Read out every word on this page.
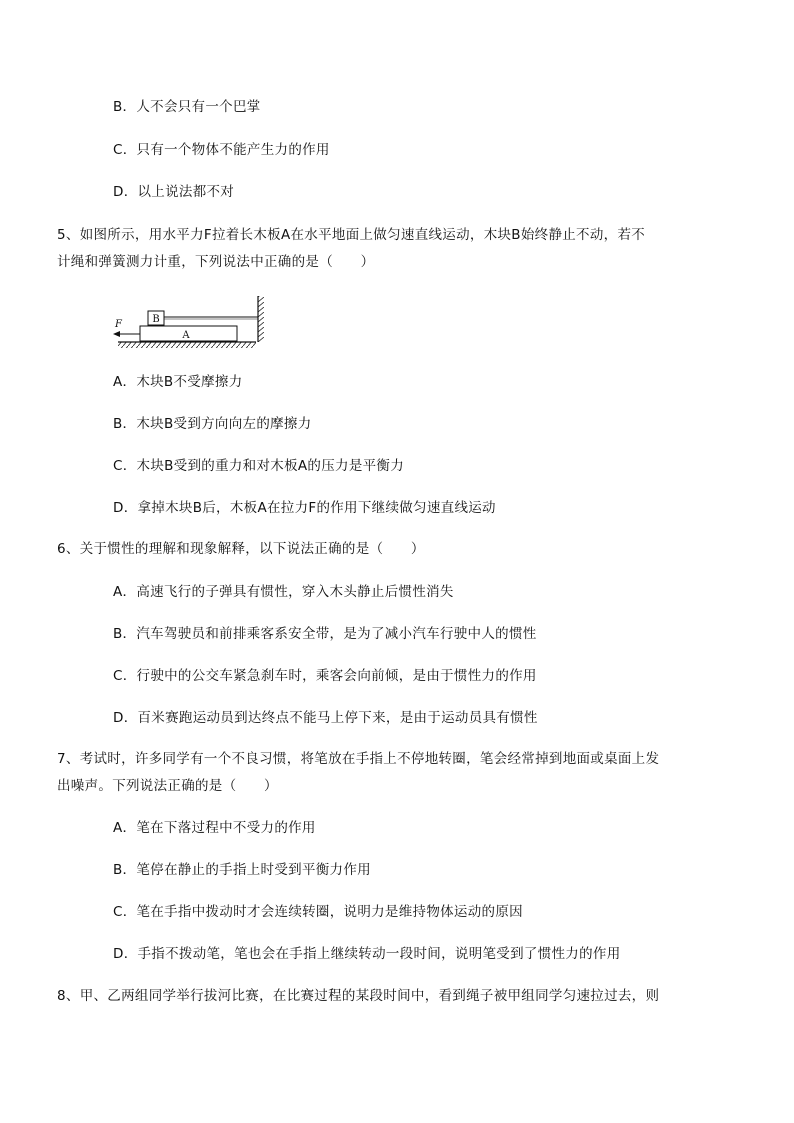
B．人不会只有一个巴掌
C．只有一个物体不能产生力的作用
D．以上说法都不对
5、如图所示，用水平力F拉着长木板A在水平地面上做匀速直线运动，木块B始终静止不动，若不
计绳和弹簧测力计重，下列说法中正确的是（　　）
A
B
F
A．木块B不受摩擦力
B．木块B受到方向向左的摩擦力
C．木块B受到的重力和对木板A的压力是平衡力
D．拿掉木块B后，木板A在拉力F的作用下继续做匀速直线运动
6、关于惯性的理解和现象解释，以下说法正确的是（　　）
A．高速飞行的子弹具有惯性，穿入木头静止后惯性消失
B．汽车驾驶员和前排乘客系安全带，是为了减小汽车行驶中人的惯性
C．行驶中的公交车紧急刹车时，乘客会向前倾，是由于惯性力的作用
D．百米赛跑运动员到达终点不能马上停下来，是由于运动员具有惯性
7、考试时，许多同学有一个不良习惯，将笔放在手指上不停地转圈，笔会经常掉到地面或桌面上发
出噪声。下列说法正确的是（　　）
A．笔在下落过程中不受力的作用
B．笔停在静止的手指上时受到平衡力作用
C．笔在手指中拨动时才会连续转圈，说明力是维持物体运动的原因
D．手指不拨动笔，笔也会在手指上继续转动一段时间，说明笔受到了惯性力的作用
8、甲、乙两组同学举行拔河比赛，在比赛过程的某段时间中，看到绳子被甲组同学匀速拉过去，则
